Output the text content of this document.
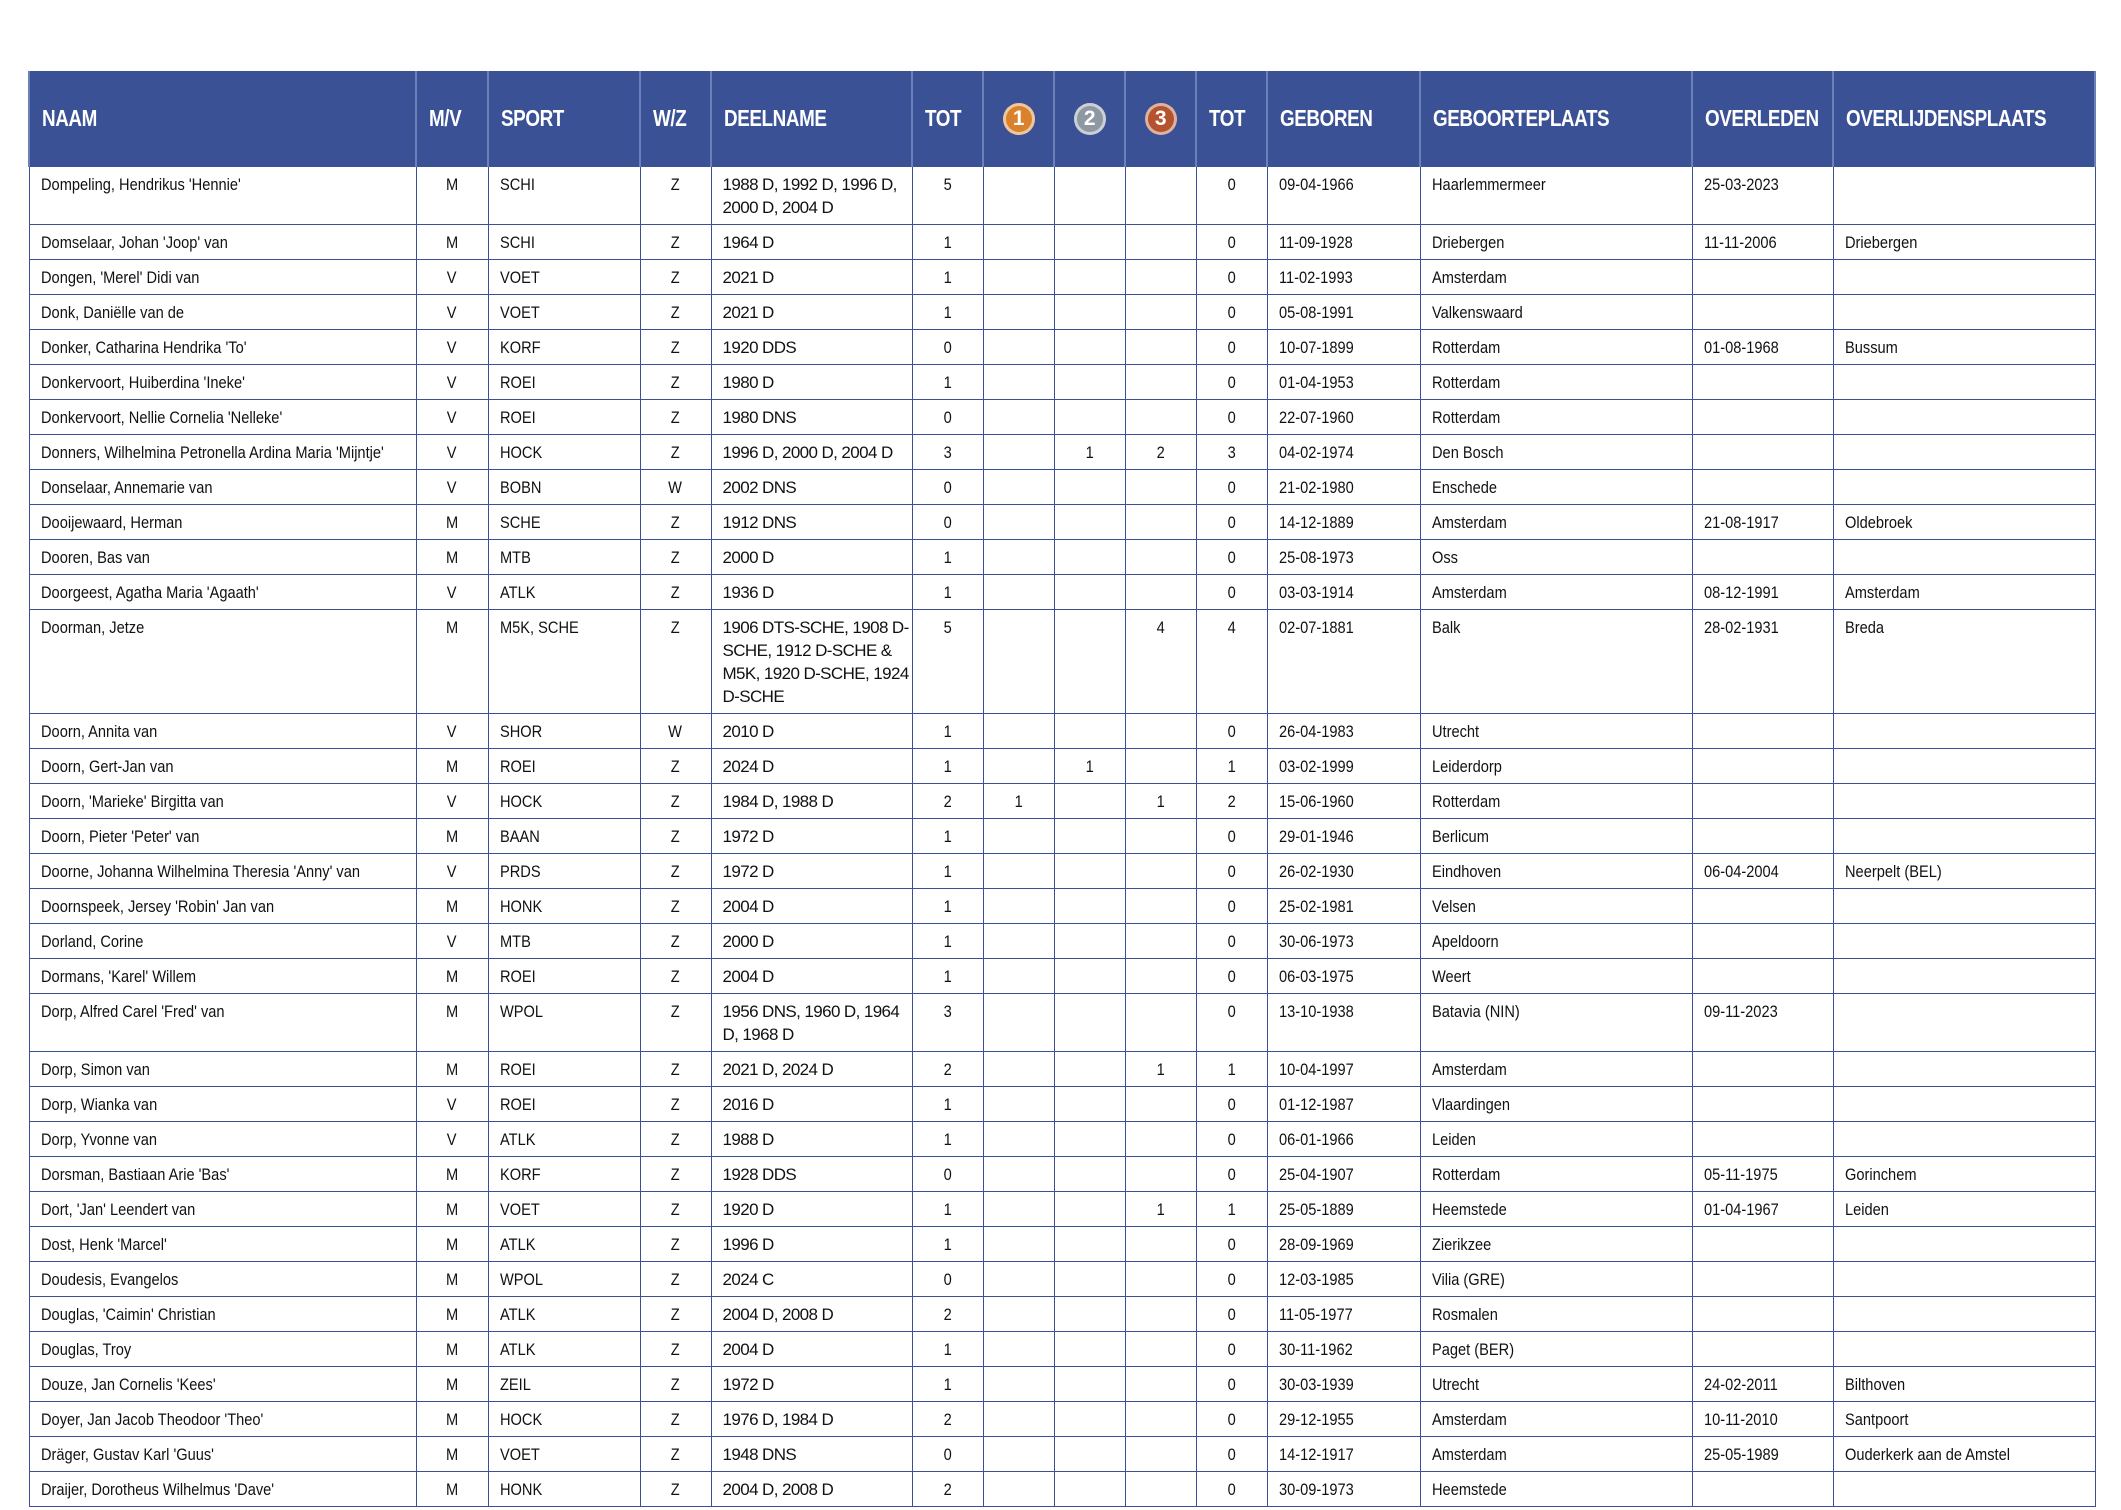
NAAM	M/V	SPORT	W/Z	DEELNAME	TOT	1	2	3	TOT	GEBOREN	GEBOORTEPLAATS	OVERLEDEN	OVERLIJDENSPLAATS
Dompeling, Hendrikus 'Hennie'	M	SCHI	Z	1988 D, 1992 D, 1996 D, 2000 D, 2004 D	5				0	09-04-1966	Haarlemmermeer	25-03-2023	
Domselaar, Johan 'Joop' van	M	SCHI	Z	1964 D	1				0	11-09-1928	Driebergen	11-11-2006	Driebergen
Dongen, 'Merel' Didi van	V	VOET	Z	2021 D	1				0	11-02-1993	Amsterdam		
Donk, Daniëlle van de	V	VOET	Z	2021 D	1				0	05-08-1991	Valkenswaard		
Donker, Catharina Hendrika 'To'	V	KORF	Z	1920 DDS	0				0	10-07-1899	Rotterdam	01-08-1968	Bussum
Donkervoort, Huiberdina 'Ineke'	V	ROEI	Z	1980 D	1				0	01-04-1953	Rotterdam		
Donkervoort, Nellie Cornelia 'Nelleke'	V	ROEI	Z	1980 DNS	0				0	22-07-1960	Rotterdam		
Donners, Wilhelmina Petronella Ardina Maria 'Mijntje'	V	HOCK	Z	1996 D, 2000 D, 2004 D	3		1	2	3	04-02-1974	Den Bosch		
Donselaar, Annemarie van	V	BOBN	W	2002 DNS	0				0	21-02-1980	Enschede		
Dooijewaard, Herman	M	SCHE	Z	1912 DNS	0				0	14-12-1889	Amsterdam	21-08-1917	Oldebroek
Dooren, Bas van	M	MTB	Z	2000 D	1				0	25-08-1973	Oss		
Doorgeest, Agatha Maria 'Agaath'	V	ATLK	Z	1936 D	1				0	03-03-1914	Amsterdam	08-12-1991	Amsterdam
Doorman, Jetze	M	M5K, SCHE	Z	1906 DTS-SCHE, 1908 D-SCHE, 1912 D-SCHE & M5K, 1920 D-SCHE, 1924 D-SCHE	5			4	4	02-07-1881	Balk	28-02-1931	Breda
Doorn, Annita van	V	SHOR	W	2010 D	1				0	26-04-1983	Utrecht		
Doorn, Gert-Jan van	M	ROEI	Z	2024 D	1		1		1	03-02-1999	Leiderdorp		
Doorn, 'Marieke' Birgitta van	V	HOCK	Z	1984 D, 1988 D	2	1		1	2	15-06-1960	Rotterdam		
Doorn, Pieter 'Peter' van	M	BAAN	Z	1972 D	1				0	29-01-1946	Berlicum		
Doorne, Johanna Wilhelmina Theresia 'Anny' van	V	PRDS	Z	1972 D	1				0	26-02-1930	Eindhoven	06-04-2004	Neerpelt (BEL)
Doornspeek, Jersey 'Robin' Jan van	M	HONK	Z	2004 D	1				0	25-02-1981	Velsen		
Dorland, Corine	V	MTB	Z	2000 D	1				0	30-06-1973	Apeldoorn		
Dormans, 'Karel' Willem	M	ROEI	Z	2004 D	1				0	06-03-1975	Weert		
Dorp, Alfred Carel 'Fred' van	M	WPOL	Z	1956 DNS, 1960 D, 1964 D, 1968 D	3				0	13-10-1938	Batavia (NIN)	09-11-2023	
Dorp, Simon van	M	ROEI	Z	2021 D, 2024 D	2			1	1	10-04-1997	Amsterdam		
Dorp, Wianka van	V	ROEI	Z	2016 D	1				0	01-12-1987	Vlaardingen		
Dorp, Yvonne van	V	ATLK	Z	1988 D	1				0	06-01-1966	Leiden		
Dorsman, Bastiaan Arie 'Bas'	M	KORF	Z	1928 DDS	0				0	25-04-1907	Rotterdam	05-11-1975	Gorinchem
Dort, 'Jan' Leendert van	M	VOET	Z	1920 D	1			1	1	25-05-1889	Heemstede	01-04-1967	Leiden
Dost, Henk 'Marcel'	M	ATLK	Z	1996 D	1				0	28-09-1969	Zierikzee		
Doudesis, Evangelos	M	WPOL	Z	2024 C	0				0	12-03-1985	Vilia (GRE)		
Douglas, 'Caimin' Christian	M	ATLK	Z	2004 D, 2008 D	2				0	11-05-1977	Rosmalen		
Douglas, Troy	M	ATLK	Z	2004 D	1				0	30-11-1962	Paget (BER)		
Douze, Jan Cornelis 'Kees'	M	ZEIL	Z	1972 D	1				0	30-03-1939	Utrecht	24-02-2011	Bilthoven
Doyer, Jan Jacob Theodoor 'Theo'	M	HOCK	Z	1976 D, 1984 D	2				0	29-12-1955	Amsterdam	10-11-2010	Santpoort
Dräger, Gustav Karl 'Guus'	M	VOET	Z	1948 DNS	0				0	14-12-1917	Amsterdam	25-05-1989	Ouderkerk aan de Amstel
Draijer, Dorotheus Wilhelmus 'Dave'	M	HONK	Z	2004 D, 2008 D	2				0	30-09-1973	Heemstede		
